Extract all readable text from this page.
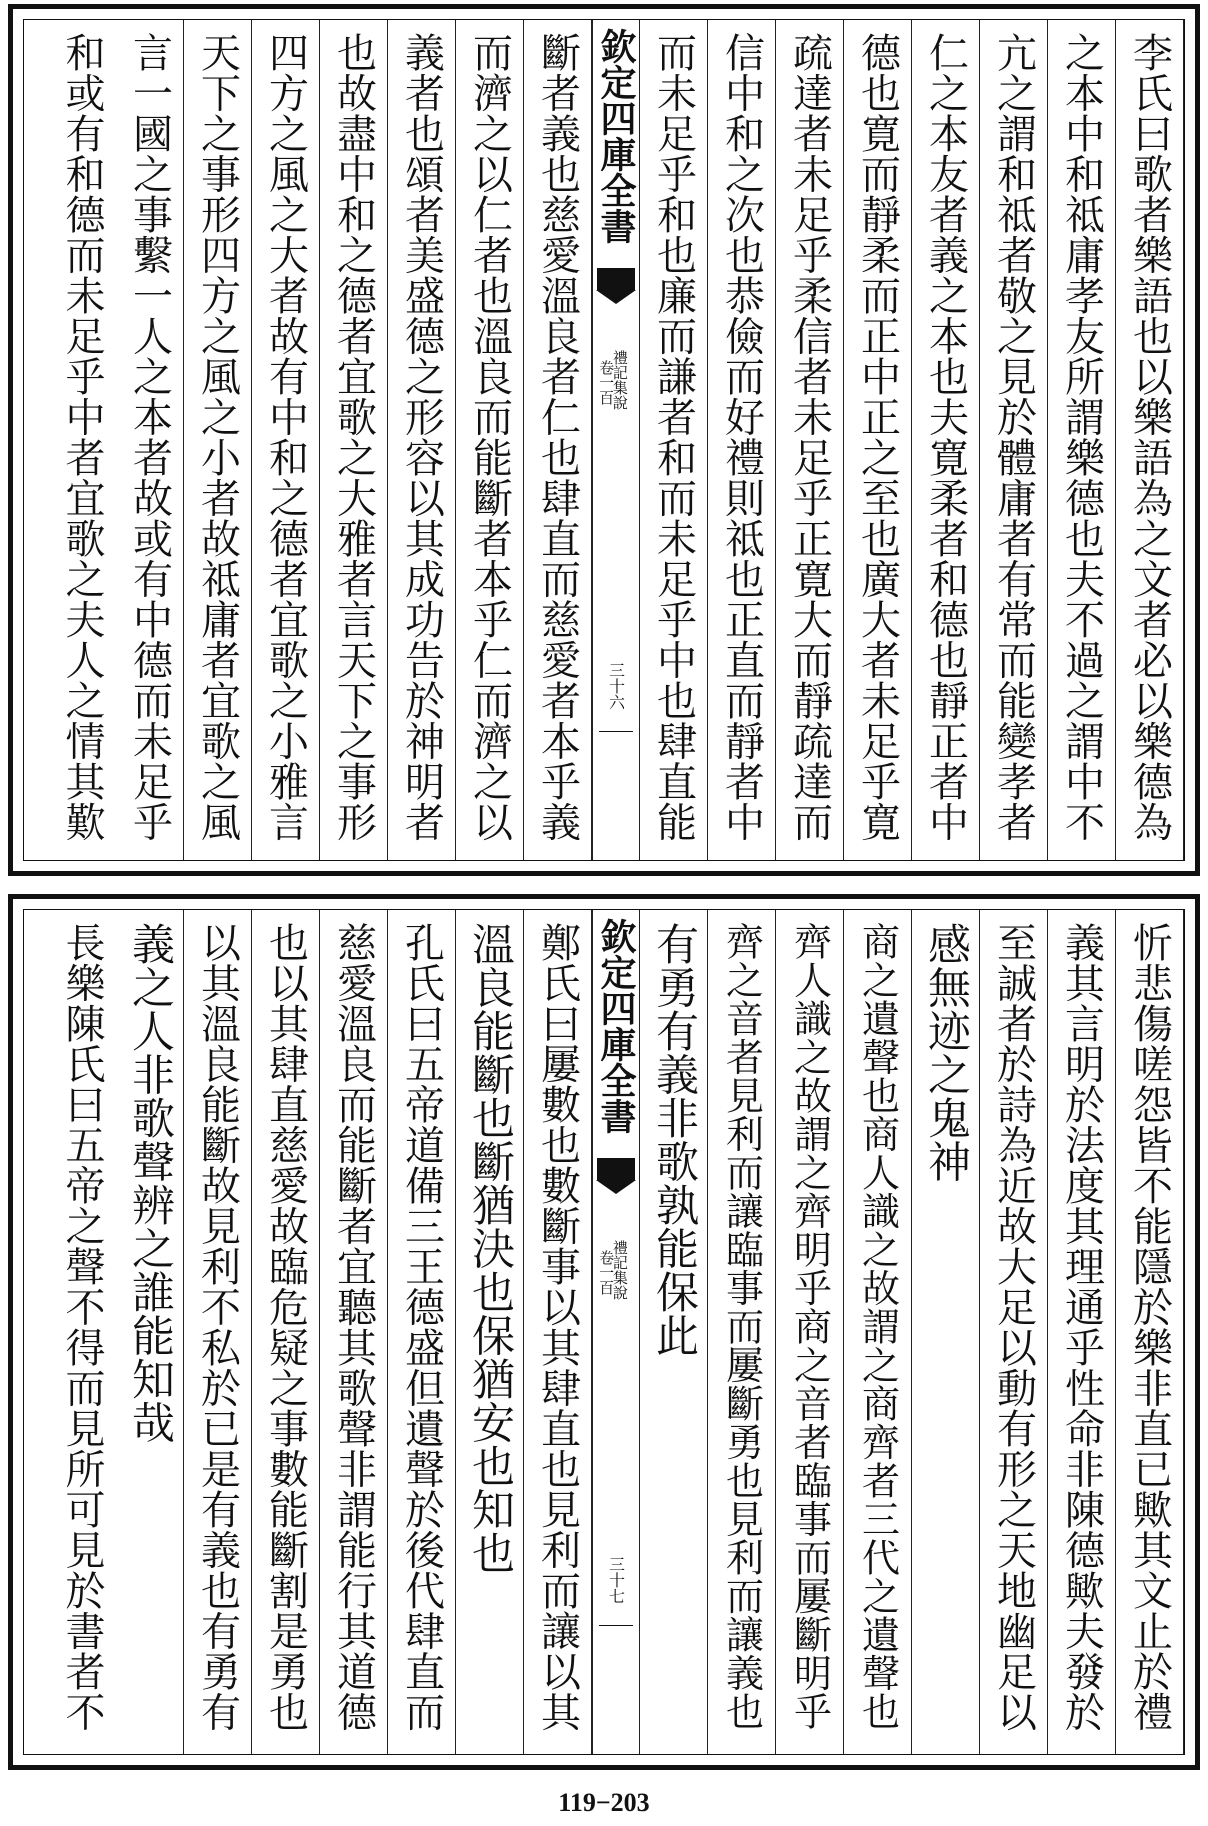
李氏曰歌者樂語也以樂語為之文者必以樂德為
之本中和祗庸孝友所謂樂德也夫不過之謂中不
亢之謂和祗者敬之見於體庸者有常而能變孝者
仁之本友者義之本也夫寛柔者和德也靜正者中
德也寛而靜柔而正中正之至也廣大者未足乎寛
疏達者未足乎柔信者未足乎正寛大而靜疏達而
信中和之次也恭儉而好禮則祗也正直而靜者中
而未足乎和也廉而謙者和而未足乎中也肆直能
欽定四庫全書
禮記集說
卷一百
三十六
斷者義也慈愛溫良者仁也肆直而慈愛者本乎義
而濟之以仁者也溫良而能斷者本乎仁而濟之以
義者也頌者美盛德之形容以其成功告於神明者
也故盡中和之德者宜歌之大雅者言天下之事形
四方之風之大者故有中和之德者宜歌之小雅言
天下之事形四方之風之小者故祗庸者宜歌之風
言一國之事繫一人之本者故或有中德而未足乎
和或有和德而未足乎中者宜歌之夫人之情其歎
忻悲傷嗟怨皆不能隱於樂非直已歟其文止於禮
義其言明於法度其理通乎性命非陳德歟夫發於
至誠者於詩為近故大足以動有形之天地幽足以
感無迹之鬼神
商之遺聲也商人識之故謂之商齊者三代之遺聲也
齊人識之故謂之齊明乎商之音者臨事而屢斷明乎
齊之音者見利而讓臨事而屢斷勇也見利而讓義也
有勇有義非歌孰能保此
欽定四庫全書
禮記集說
卷一百
三十七
鄭氏曰屢數也數斷事以其肆直也見利而讓以其
溫良能斷也斷猶決也保猶安也知也
孔氏曰五帝道備三王德盛但遺聲於後代肆直而
慈愛溫良而能斷者宜聽其歌聲非謂能行其道德
也以其肆直慈愛故臨危疑之事數能斷割是勇也
以其溫良能斷故見利不私於已是有義也有勇有
義之人非歌聲辨之誰能知哉
長樂陳氏曰五帝之聲不得而見所可見於書者不
119−203
